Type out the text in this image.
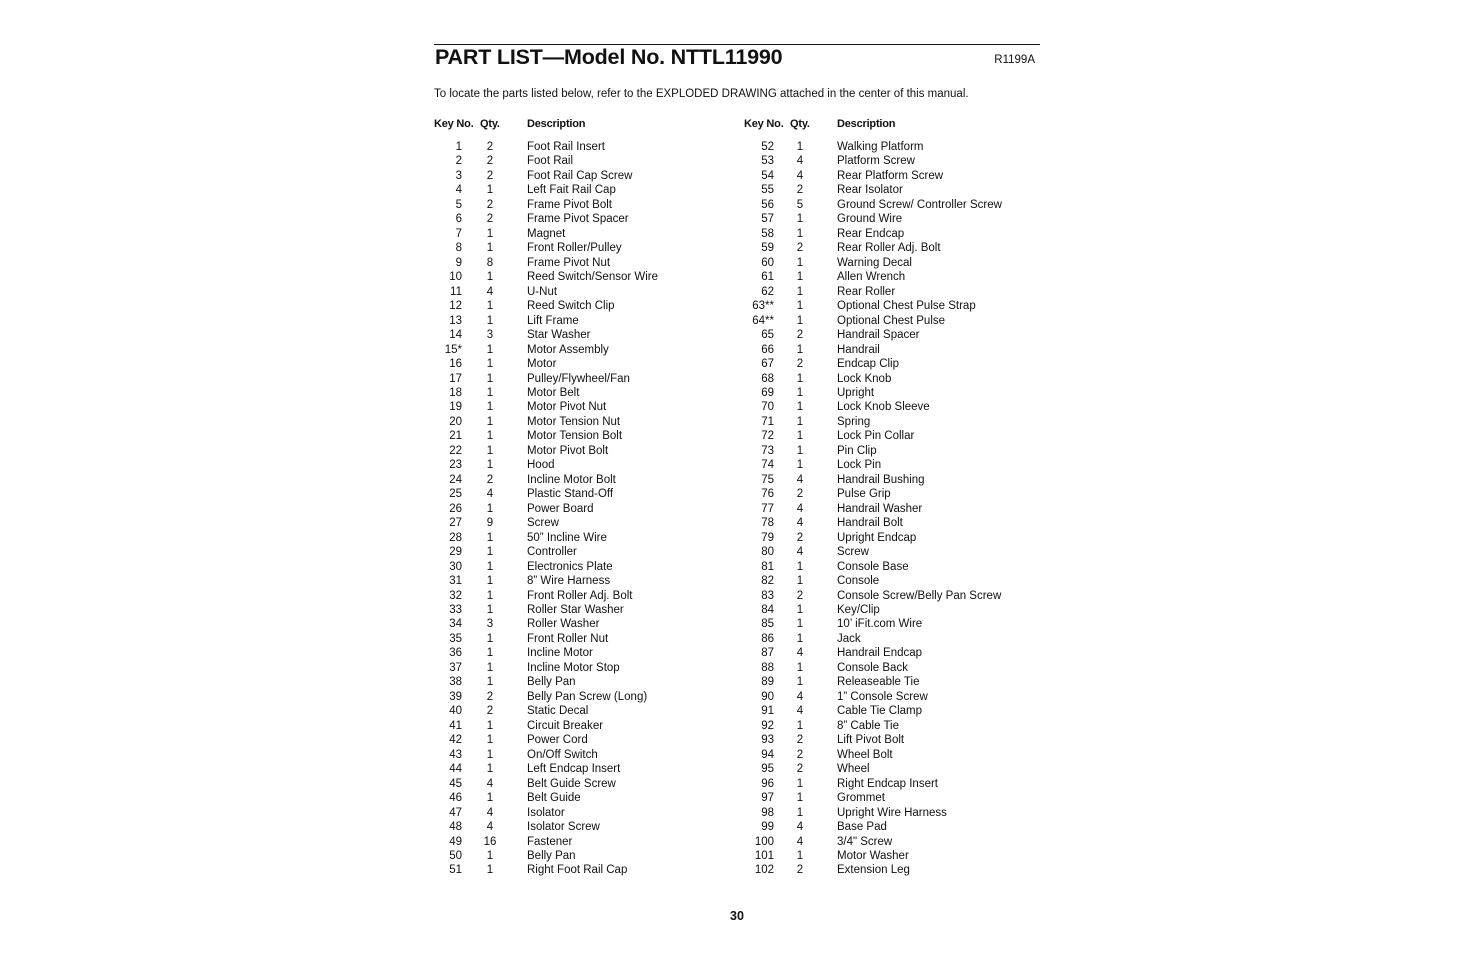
PART LIST—Model No. NTTL11990	R1199A
To locate the parts listed below, refer to the EXPLODED DRAWING attached in the center of this manual.
Key No. Qty. Description
1	2	Foot Rail Insert
2	2	Foot Rail
3	2	Foot Rail Cap Screw
4	1	Left Fait Rail Cap
5	2	Frame Pivot Bolt
6	2	Frame Pivot Spacer
7	1	Magnet
8	1	Front Roller/Pulley
9	8	Frame Pivot Nut
10	1	Reed Switch/Sensor Wire
11	4	U-Nut
12	1	Reed Switch Clip
13	1	Lift Frame
14	3	Star Washer
15*	1	Motor Assembly
16	1	Motor
17	1	Pulley/Flywheel/Fan
18	1	Motor Belt
19	1	Motor Pivot Nut
20	1	Motor Tension Nut
21	1	Motor Tension Bolt
22	1	Motor Pivot Bolt
23	1	Hood
24	2	Incline Motor Bolt
25	4	Plastic Stand-Off
26	1	Power Board
27	9	Screw
28	1	50” Incline Wire
29	1	Controller
30	1	Electronics Plate
31	1	8” Wire Harness
32	1	Front Roller Adj. Bolt
33	1	Roller Star Washer
34	3	Roller Washer
35	1	Front Roller Nut
36	1	Incline Motor
37	1	Incline Motor Stop
38	1	Belly Pan
39	2	Belly Pan Screw (Long)
40	2	Static Decal
41	1	Circuit Breaker
42	1	Power Cord
43	1	On/Off Switch
44	1	Left Endcap Insert
45	4	Belt Guide Screw
46	1	Belt Guide
47	4	Isolator
48	4	Isolator Screw
49	16	Fastener
50	1	Belly Pan
51	1	Right Foot Rail Cap
Key No. Qty. Description
52	1	Walking Platform
53	4	Platform Screw
54	4	Rear Platform Screw
55	2	Rear Isolator
56	5	Ground Screw/ Controller Screw
57	1	Ground Wire
58	1	Rear Endcap
59	2	Rear Roller Adj. Bolt
60	1	Warning Decal
61	1	Allen Wrench
62	1	Rear Roller
63**	1	Optional Chest Pulse Strap
64**	1	Optional Chest Pulse
65	2	Handrail Spacer
66	1	Handrail
67	2	Endcap Clip
68	1	Lock Knob
69	1	Upright
70	1	Lock Knob Sleeve
71	1	Spring
72	1	Lock Pin Collar
73	1	Pin Clip
74	1	Lock Pin
75	4	Handrail Bushing
76	2	Pulse Grip
77	4	Handrail Washer
78	4	Handrail Bolt
79	2	Upright Endcap
80	4	Screw
81	1	Console Base
82	1	Console
83	2	Console Screw/Belly Pan Screw
84	1	Key/Clip
85	1	10’ iFit.com Wire
86	1	Jack
87	4	Handrail Endcap
88	1	Console Back
89	1	Releaseable Tie
90	4	1” Console Screw
91	4	Cable Tie Clamp
92	1	8” Cable Tie
93	2	Lift Pivot Bolt
94	2	Wheel Bolt
95	2	Wheel
96	1	Right Endcap Insert
97	1	Grommet
98	1	Upright Wire Harness
99	4	Base Pad
100	4	3/4" Screw
101	1	Motor Washer
102	2	Extension Leg
30
